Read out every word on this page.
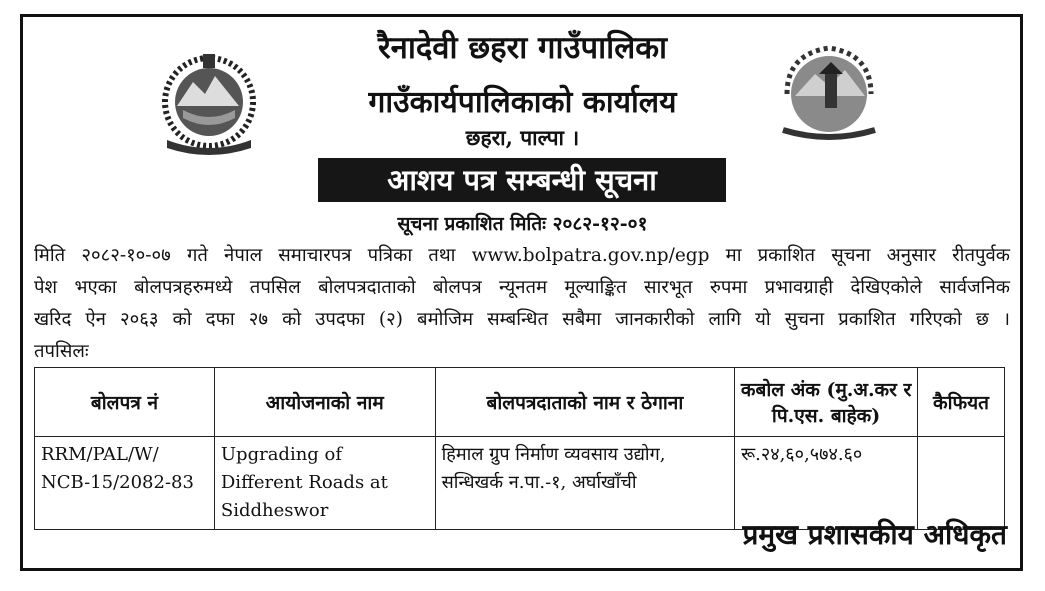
रैनादेवी छहरा गाउँपालिका
गाउँकार्यपालिकाको कार्यालय
छहरा, पाल्पा ।
आशय पत्र सम्बन्धी सूचना
सूचना प्रकाशित मितिः २०८२-१२-०१
मिति २०८२-१०-०७ गते नेपाल समाचारपत्र पत्रिका तथा www.bolpatra.gov.np/egp मा प्रकाशित सूचना अनुसार रीतपुर्वक
पेश भएका बोलपत्रहरुमध्ये तपसिल बोलपत्रदाताको बोलपत्र न्यूनतम मूल्याङ्कित सारभूत रुपमा प्रभावग्राही देखिएकोले सार्वजनिक
खरिद ऐन २०६३ को दफा २७ को उपदफा (२) बमोजिम सम्बन्धित सबैमा जानकारीको लागि यो सुचना प्रकाशित गरिएको छ ।
तपसिलः
बोलपत्र नं	आयोजनाको नाम	बोलपत्रदाताको नाम र ठेगाना	कबोल अंक (मु.अ.कर र पि.एस. बाहेक)	कैफियत
RRM/PAL/W/ NCB-15/2082-83	Upgrading of Different Roads at Siddheswor	हिमाल ग्रुप निर्माण व्यवसाय उद्योग, सन्धिखर्क न.पा.-१, अर्घाखाँची	रू.२४,६०,५७४.६०	
प्रमुख प्रशासकीय अधिकृत
